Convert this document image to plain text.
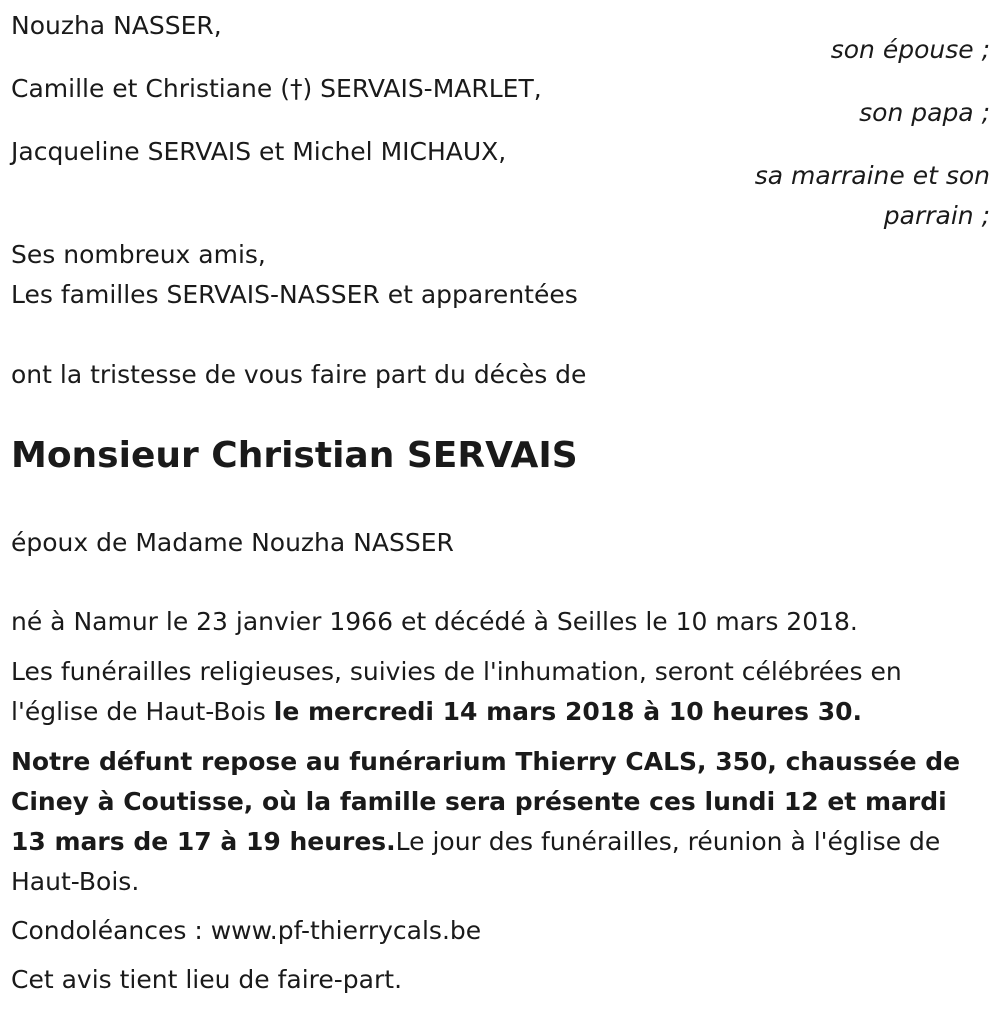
Nouzha NASSER,

son épouse ;

Camille et Christiane (†) SERVAIS-MARLET,

son papa ;

Jacqueline SERVAIS et Michel MICHAUX,

sa marraine et son

parrain ;

Ses nombreux amis,

Les familles SERVAIS-NASSER et apparentées

ont la tristesse de vous faire part du décès de

Monsieur Christian SERVAIS

époux de Madame Nouzha NASSER

né à Namur le 23 janvier 1966 et décédé à Seilles le 10 mars 2018.

Les funérailles religieuses, suivies de l'inhumation, seront célébrées en l'église de Haut-Bois le mercredi 14 mars 2018 à 10 heures 30.

Notre défunt repose au funérarium Thierry CALS, 350, chaussée de Ciney à Coutisse, où la famille sera présente ces lundi 12 et mardi 13 mars de 17 à 19 heures.Le jour des funérailles, réunion à l'église de Haut-Bois.

Condoléances : www.pf-thierrycals.be

Cet avis tient lieu de faire-part.
